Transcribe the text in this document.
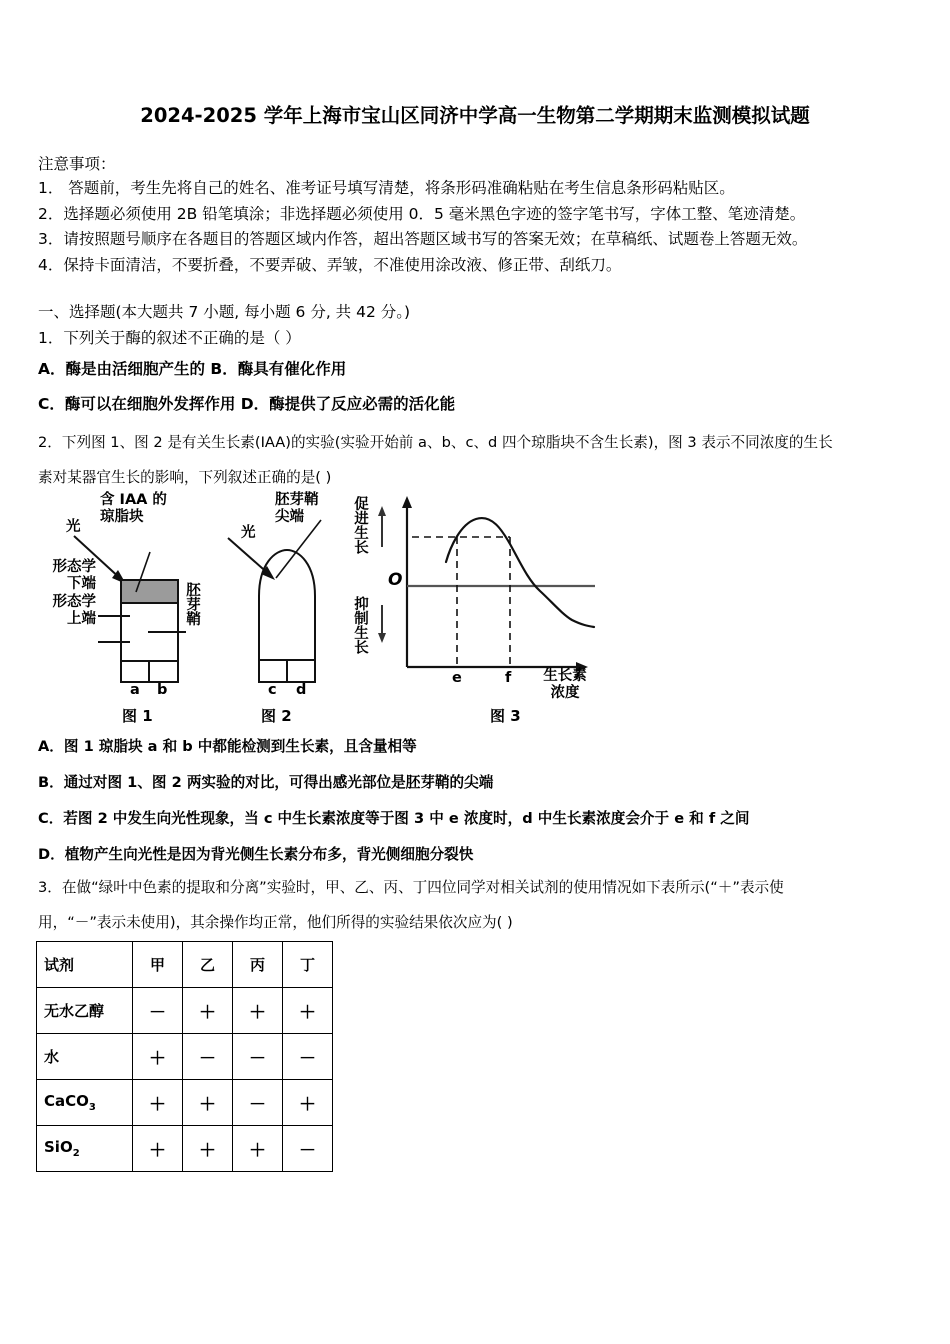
2024-2025 学年上海市宝山区同济中学高一生物第二学期期末监测模拟试题
注意事项：
1． 答题前，考生先将自己的姓名、准考证号填写清楚，将条形码准确粘贴在考生信息条形码粘贴区。
2．选择题必须使用 2B 铅笔填涂；非选择题必须使用 0．5 毫米黑色字迹的签字笔书写，字体工整、笔迹清楚。
3．请按照题号顺序在各题目的答题区域内作答，超出答题区域书写的答案无效；在草稿纸、试题卷上答题无效。
4．保持卡面清洁，不要折叠，不要弄破、弄皱，不准使用涂改液、修正带、刮纸刀。
一、选择题(本大题共 7 小题, 每小题 6 分, 共 42 分。)
1．下列关于酶的叙述不正确的是（ ）
A．酶是由活细胞产生的 B．酶具有催化作用
C．酶可以在细胞外发挥作用 D．酶提供了反应必需的活化能
2．下列图 1、图 2 是有关生长素(IAA)的实验(实验开始前 a、b、c、d 四个琼脂块不含生长素)，图 3 表示不同浓度的生长
素对某器官生长的影响，下列叙述正确的是( )
含 IAA 的
琼脂块
光
形态学
下端
形态学
上端	胚芽鞘
a b
图 1
胚芽鞘
尖端
光
c d
图 2
促进生长
抑制生长
O
e	f	生长素
浓度
图 3
A．图 1 琼脂块 a 和 b 中都能检测到生长素，且含量相等
B．通过对图 1、图 2 两实验的对比，可得出感光部位是胚芽鞘的尖端
C．若图 2 中发生向光性现象，当 c 中生长素浓度等于图 3 中 e 浓度时，d 中生长素浓度会介于 e 和 f 之间
D．植物产生向光性是因为背光侧生长素分布多，背光侧细胞分裂快
3．在做“绿叶中色素的提取和分离”实验时，甲、乙、丙、丁四位同学对相关试剂的使用情况如下表所示(“＋”表示使
用，“－”表示未使用)，其余操作均正常，他们所得的实验结果依次应为( )
试剂	甲	乙	丙	丁
无水乙醇	－	＋	＋	＋
水	＋	－	－	－
CaCO$_3$	＋	＋	－	＋
SiO$_2$	＋	＋	＋	－
